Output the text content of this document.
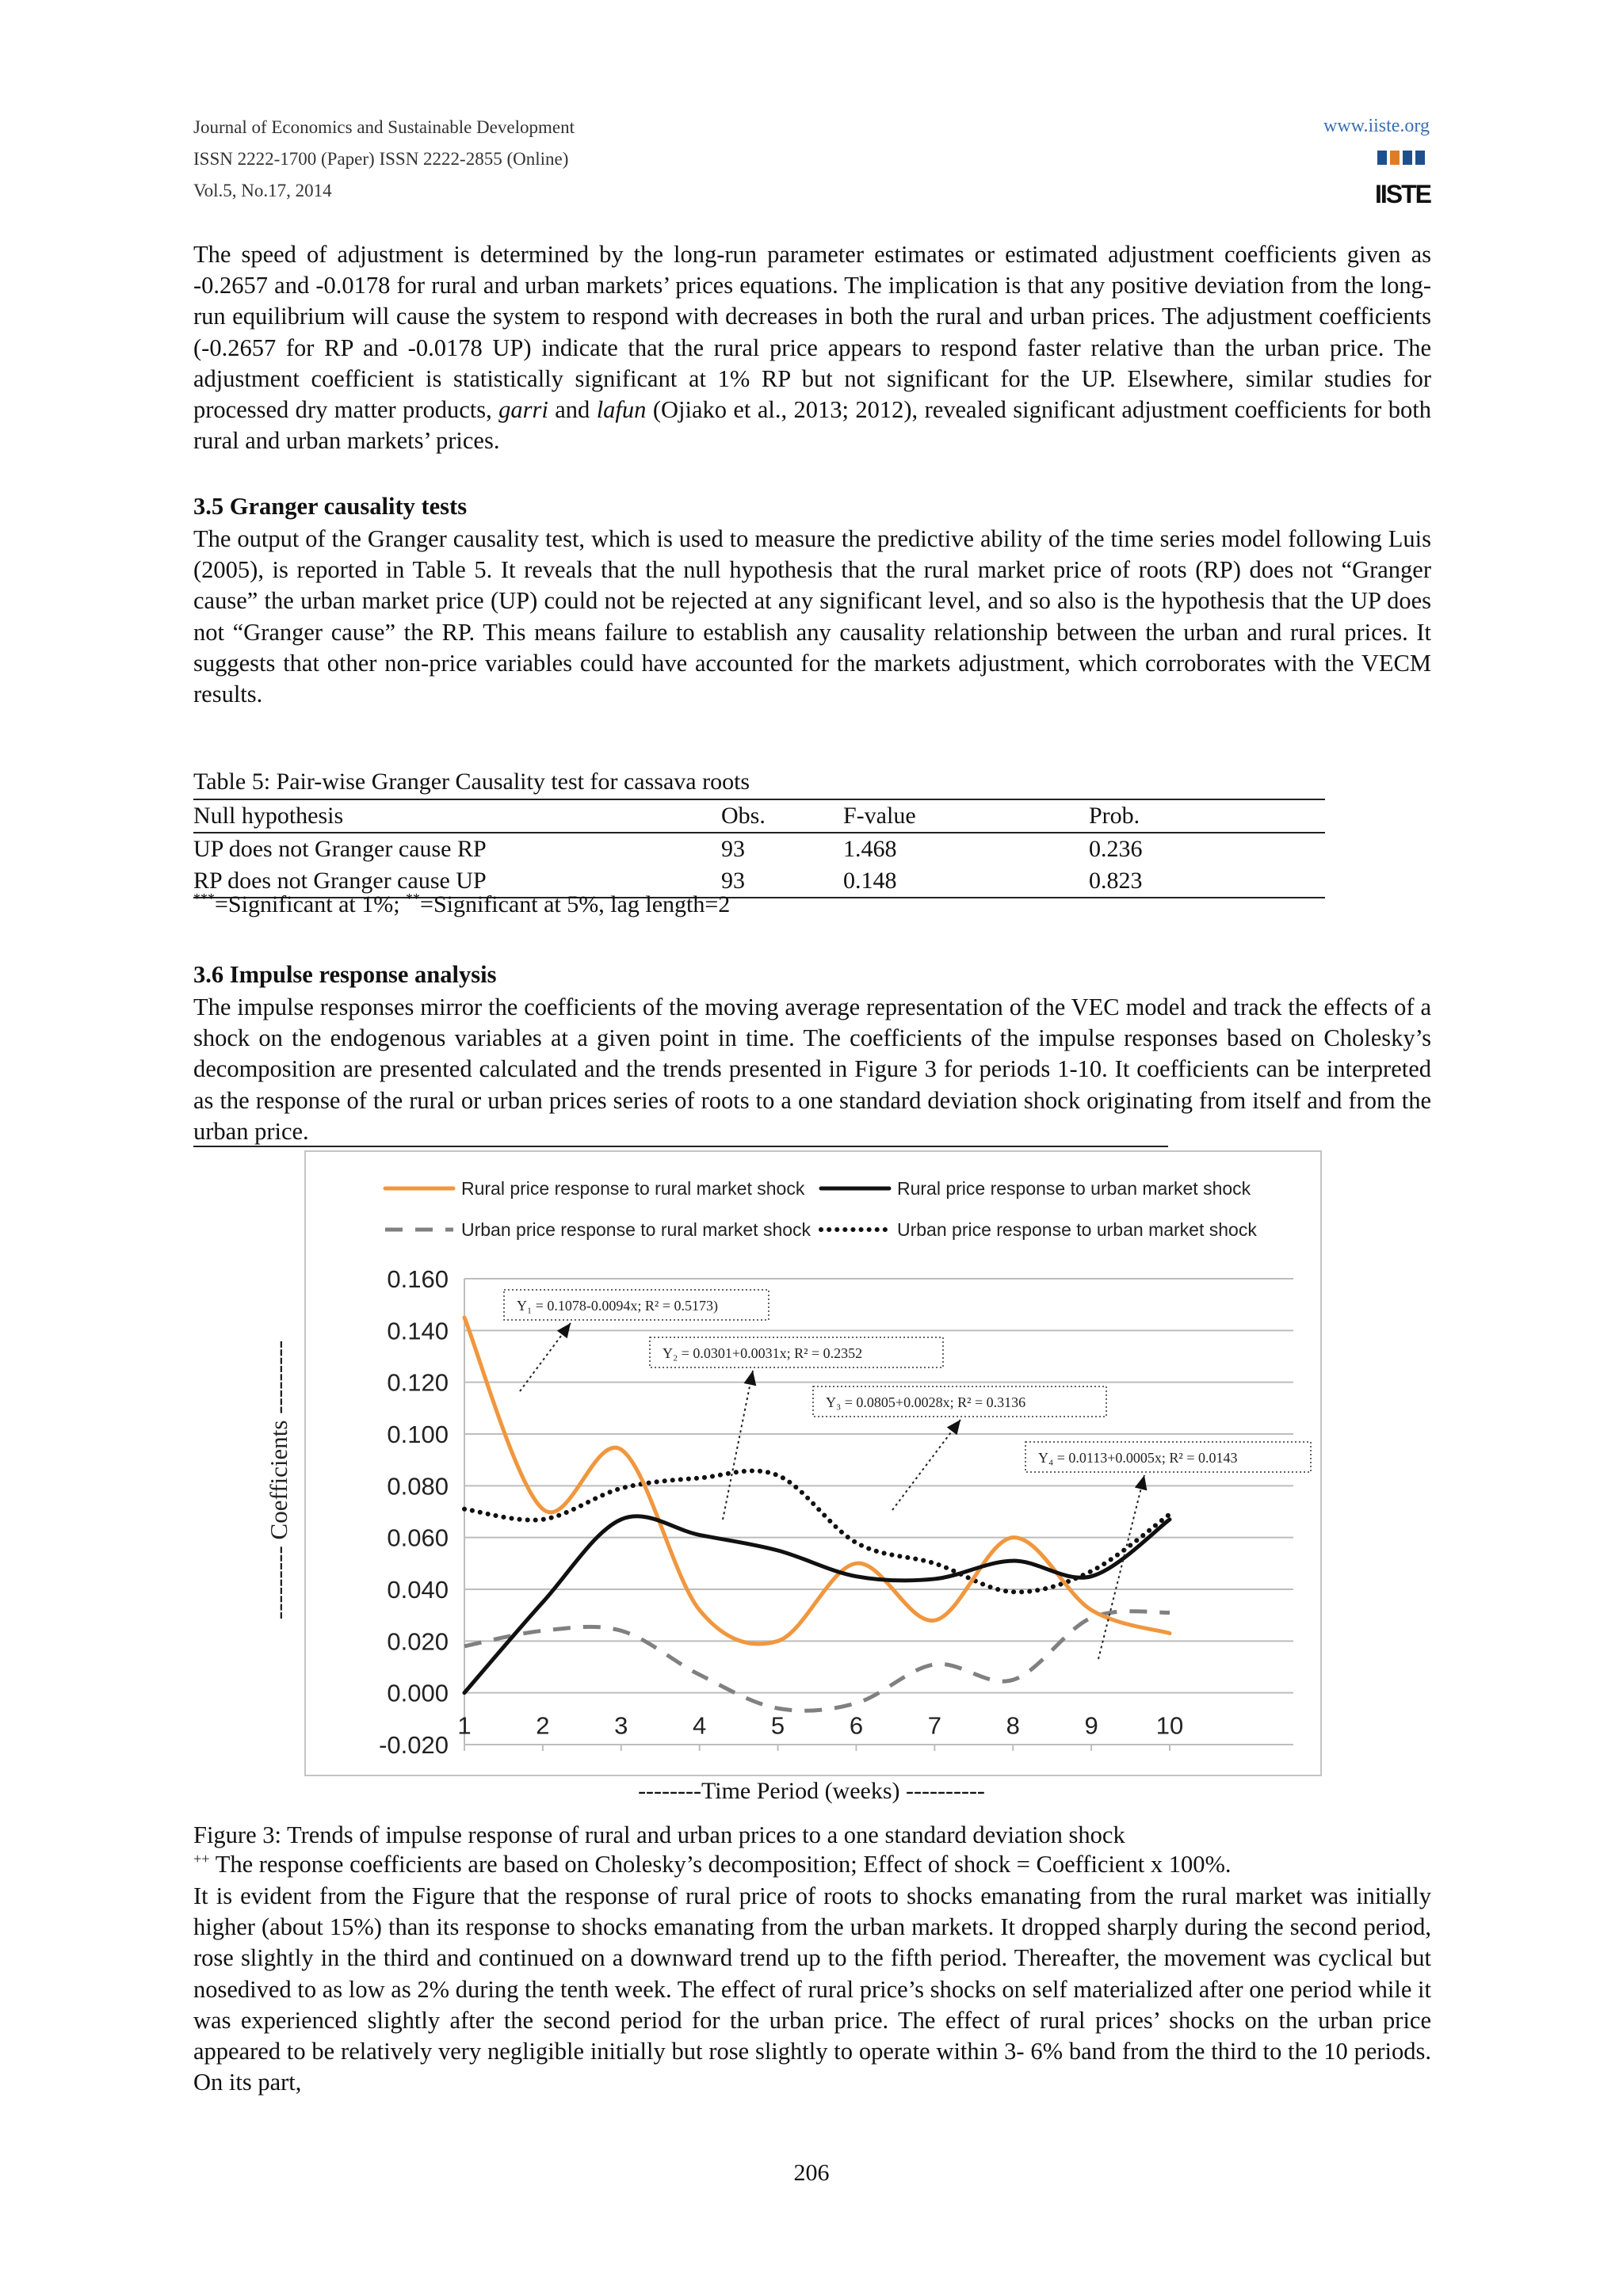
Journal of Economics and Sustainable Development
ISSN 2222-1700 (Paper) ISSN 2222-2855 (Online)
Vol.5, No.17, 2014
www.iiste.org
IISTE
The speed of adjustment is determined by the long-run parameter estimates or estimated adjustment coefficients given as -0.2657 and -0.0178 for rural and urban markets’ prices equations. The implication is that any positive deviation from the long-run equilibrium will cause the system to respond with decreases in both the rural and urban prices. The adjustment coefficients (-0.2657 for RP and -0.0178 UP) indicate that the rural price appears to respond faster relative than the urban price. The adjustment coefficient is statistically significant at 1% RP but not significant for the UP. Elsewhere, similar studies for processed dry matter products, garri and lafun (Ojiako et al., 2013; 2012), revealed significant adjustment coefficients for both rural and urban markets’ prices.
3.5 Granger causality tests
The output of the Granger causality test, which is used to measure the predictive ability of the time series model following Luis (2005), is reported in Table 5. It reveals that the null hypothesis that the rural market price of roots (RP) does not “Granger cause” the urban market price (UP) could not be rejected at any significant level, and so also is the hypothesis that the UP does not “Granger cause” the RP. This means failure to establish any causality relationship between the urban and rural prices. It suggests that other non-price variables could have accounted for the markets adjustment, which corroborates with the VECM results.
Table 5: Pair-wise Granger Causality test for cassava roots
Null hypothesis	Obs.	F-value	Prob.
UP does not Granger cause RP	93	1.468	0.236
RP does not Granger cause UP	93	0.148	0.823
***=Significant at 1%; **=Significant at 5%, lag length=2
3.6 Impulse response analysis
The impulse responses mirror the coefficients of the moving average representation of the VEC model and track the effects of a shock on the endogenous variables at a given point in time. The coefficients of the impulse responses based on Cholesky’s decomposition are presented calculated and the trends presented in Figure 3 for periods 1-10. It coefficients can be interpreted as the response of the rural or urban prices series of roots to a one standard deviation shock originating from itself and from the urban price.
Rural price response to rural market shock	Rural price response to urban market shock
Urban price response to rural market shock	Urban price response to urban market shock
0.160
0.140
0.120
0.100
0.080
0.060
0.040
0.020
0.000
-0.020
1	2	3	4	5	6	7	8	9 10
--------- Coefficients ---------
Y₁ = 0.1078-0.0094x; R² = 0.5173)
Y₂ = 0.0301+0.0031x; R² = 0.2352
Y₃ = 0.0805+0.0028x; R² = 0.3136
Y₄ = 0.0113+0.0005x; R² = 0.0143
--------Time Period (weeks) ----------
Figure 3: Trends of impulse response of rural and urban prices to a one standard deviation shock
++ The response coefficients are based on Cholesky’s decomposition; Effect of shock = Coefficient x 100%.
It is evident from the Figure that the response of rural price of roots to shocks emanating from the rural market was initially higher (about 15%) than its response to shocks emanating from the urban markets. It dropped sharply during the second period, rose slightly in the third and continued on a downward trend up to the fifth period. Thereafter, the movement was cyclical but nosedived to as low as 2% during the tenth week. The effect of rural price’s shocks on self materialized after one period while it was experienced slightly after the second period for the urban price. The effect of rural prices’ shocks on the urban price appeared to be relatively very negligible initially but rose slightly to operate within 3- 6% band from the third to the 10 periods. On its part,
206
